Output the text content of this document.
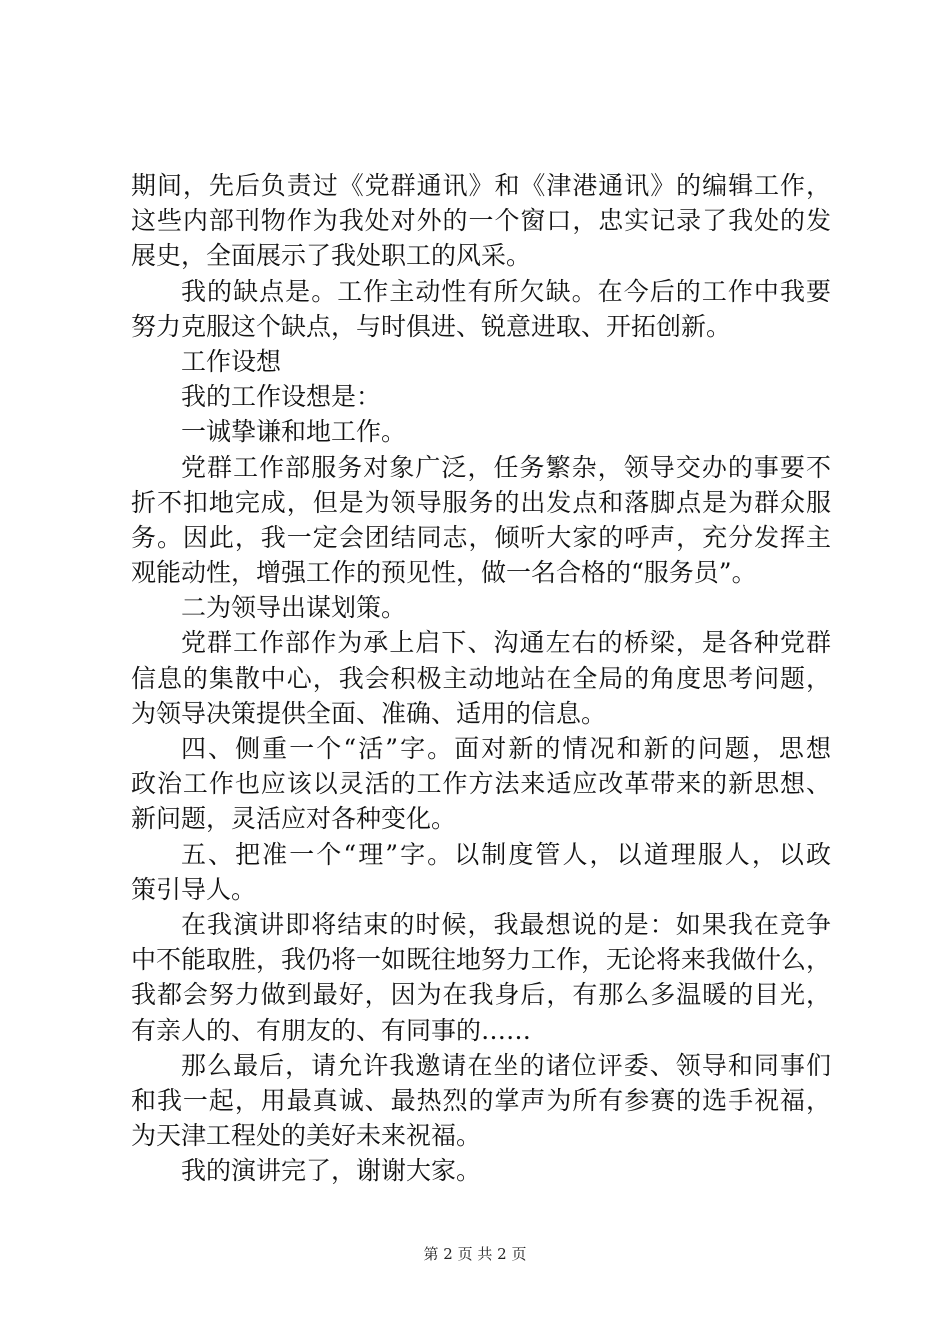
期间，先后负责过《党群通讯》和《津港通讯》的编辑工作，
这些内部刊物作为我处对外的一个窗口，忠实记录了我处的发
展史，全面展示了我处职工的风采。
我的缺点是。工作主动性有所欠缺。在今后的工作中我要
努力克服这个缺点，与时俱进、锐意进取、开拓创新。
工作设想
我的工作设想是：
一诚挚谦和地工作。
党群工作部服务对象广泛，任务繁杂，领导交办的事要不
折不扣地完成，但是为领导服务的出发点和落脚点是为群众服
务。因此，我一定会团结同志，倾听大家的呼声，充分发挥主
观能动性，增强工作的预见性，做一名合格的“服务员”。
二为领导出谋划策。
党群工作部作为承上启下、沟通左右的桥梁，是各种党群
信息的集散中心，我会积极主动地站在全局的角度思考问题，
为领导决策提供全面、准确、适用的信息。
四、侧重一个“活”字。面对新的情况和新的问题，思想
政治工作也应该以灵活的工作方法来适应改革带来的新思想、
新问题，灵活应对各种变化。
五、把准一个“理”字。以制度管人，以道理服人，以政
策引导人。
在我演讲即将结束的时候，我最想说的是：如果我在竞争
中不能取胜，我仍将一如既往地努力工作，无论将来我做什么，
我都会努力做到最好，因为在我身后，有那么多温暖的目光，
有亲人的、有朋友的、有同事的……
那么最后，请允许我邀请在坐的诸位评委、领导和同事们
和我一起，用最真诚、最热烈的掌声为所有参赛的选手祝福，
为天津工程处的美好未来祝福。
我的演讲完了，谢谢大家。
第 2 页 共 2 页
